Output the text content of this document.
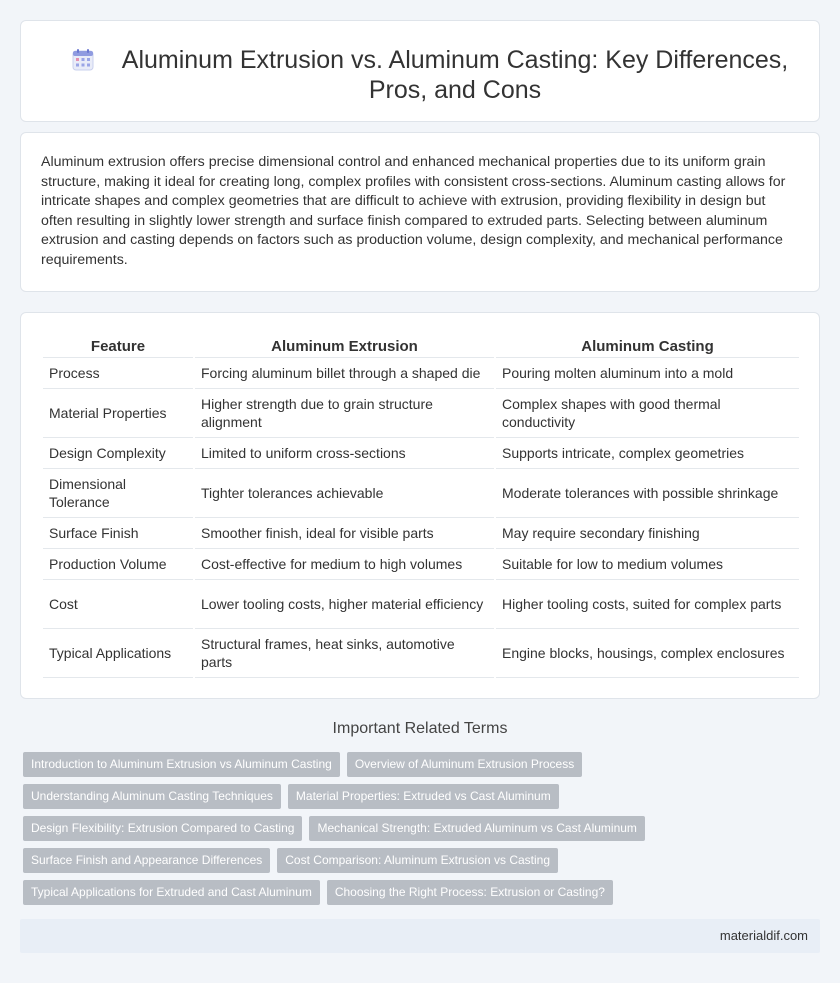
Aluminum Extrusion vs. Aluminum Casting: Key Differences, Pros, and Cons

Aluminum extrusion offers precise dimensional control and enhanced mechanical properties due to its uniform grain structure, making it ideal for creating long, complex profiles with consistent cross-sections. Aluminum casting allows for intricate shapes and complex geometries that are difficult to achieve with extrusion, providing flexibility in design but often resulting in slightly lower strength and surface finish compared to extruded parts. Selecting between aluminum extrusion and casting depends on factors such as production volume, design complexity, and mechanical performance requirements.

Feature	Aluminum Extrusion	Aluminum Casting
Process	Forcing aluminum billet through a shaped die	Pouring molten aluminum into a mold
Material Properties	Higher strength due to grain structure alignment	Complex shapes with good thermal conductivity
Design Complexity	Limited to uniform cross-sections	Supports intricate, complex geometries
Dimensional Tolerance	Tighter tolerances achievable	Moderate tolerances with possible shrinkage
Surface Finish	Smoother finish, ideal for visible parts	May require secondary finishing
Production Volume	Cost-effective for medium to high volumes	Suitable for low to medium volumes
Cost	Lower tooling costs, higher material efficiency	Higher tooling costs, suited for complex parts
Typical Applications	Structural frames, heat sinks, automotive parts	Engine blocks, housings, complex enclosures
Important Related Terms
Introduction to Aluminum Extrusion vs Aluminum Casting	Overview of Aluminum Extrusion Process
Understanding Aluminum Casting Techniques	Material Properties: Extruded vs Cast Aluminum
Design Flexibility: Extrusion Compared to Casting	Mechanical Strength: Extruded Aluminum vs Cast Aluminum
Surface Finish and Appearance Differences	Cost Comparison: Aluminum Extrusion vs Casting
Typical Applications for Extruded and Cast Aluminum	Choosing the Right Process: Extrusion or Casting?
materialdif.com
